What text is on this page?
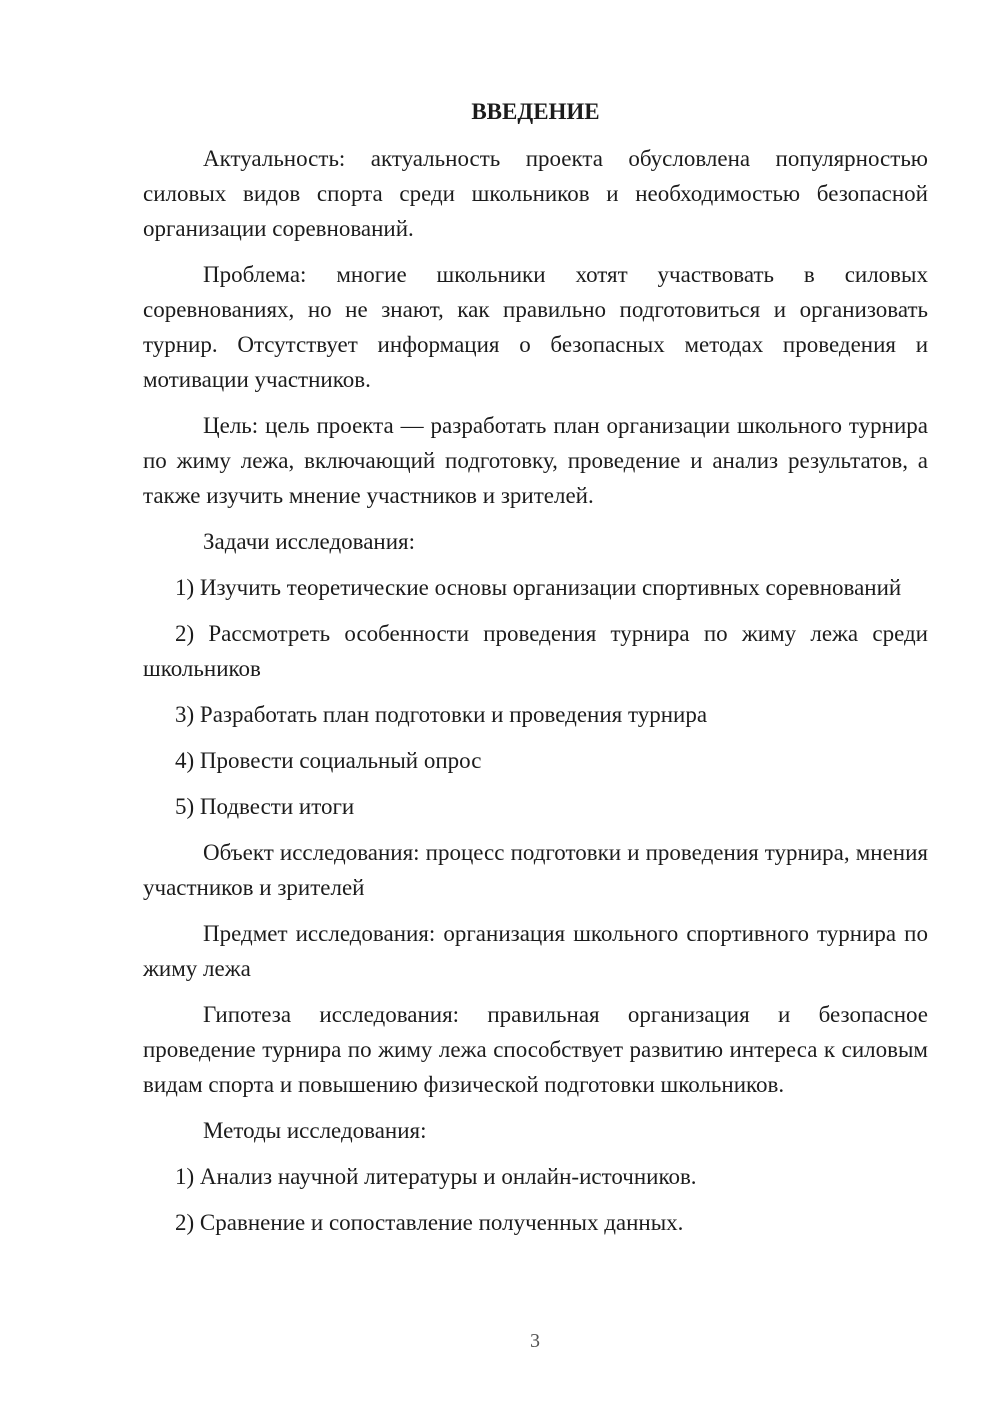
ВВЕДЕНИЕ

Актуальность: актуальность проекта обусловлена популярностью силовых видов спорта среди школьников и необходимостью безопасной организации соревнований.

Проблема: многие школьники хотят участвовать в силовых соревнованиях, но не знают, как правильно подготовиться и организовать турнир. Отсутствует информация о безопасных методах проведения и мотивации участников.

Цель: цель проекта — разработать план организации школьного турнира по жиму лежа, включающий подготовку, проведение и анализ результатов, а также изучить мнение участников и зрителей.

Задачи исследования:

1) Изучить теоретические основы организации спортивных соревнований

2) Рассмотреть особенности проведения турнира по жиму лежа среди школьников

3) Разработать план подготовки и проведения турнира

4) Провести социальный опрос

5) Подвести итоги

Объект исследования: процесс подготовки и проведения турнира, мнения участников и зрителей

Предмет исследования: организация школьного спортивного турнира по жиму лежа

Гипотеза исследования: правильная организация и безопасное проведение турнира по жиму лежа способствует развитию интереса к силовым видам спорта и повышению физической подготовки школьников.

Методы исследования:

1) Анализ научной литературы и онлайн-источников.

2) Сравнение и сопоставление полученных данных.

3
